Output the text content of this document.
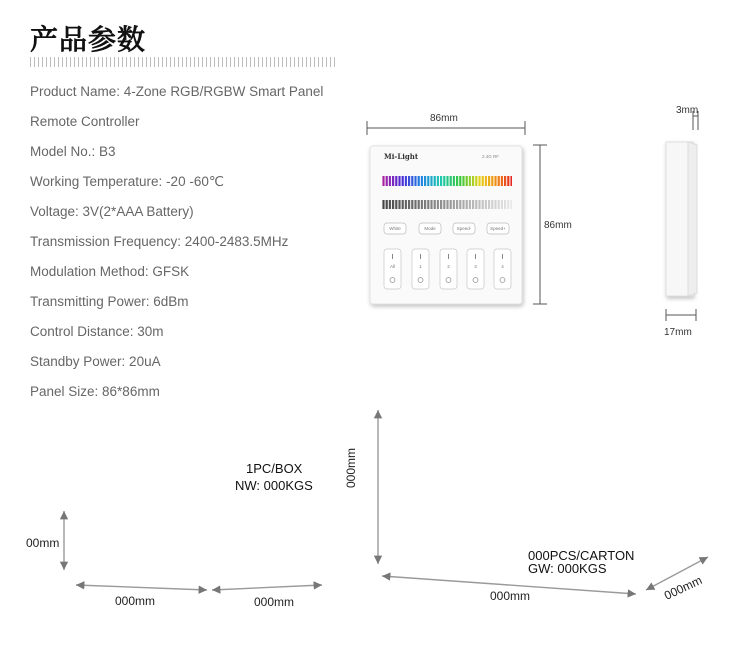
产品参数
Product Name: 4-Zone RGB/RGBW Smart Panel
Remote Controller
Model No.: B3
Working Temperature: -20 -60℃
Voltage: 3V(2*AAA Battery)
Transmission Frequency: 2400-2483.5MHz
Modulation Method: GFSK
Transmitting Power: 6dBm
Control Distance: 30m
Standby Power: 20uA
Panel Size: 86*86mm
86mm
86mm
Mi-Light	2.4G RF
White	Mode	Speed-	Speed+
All	1	2	3	4
3mm
17mm
1PC/BOX
NW: 000KGS
00mm
000mm	000mm
000PCS/CARTON
GW: 000KGS
000mm
000mm	000mm
